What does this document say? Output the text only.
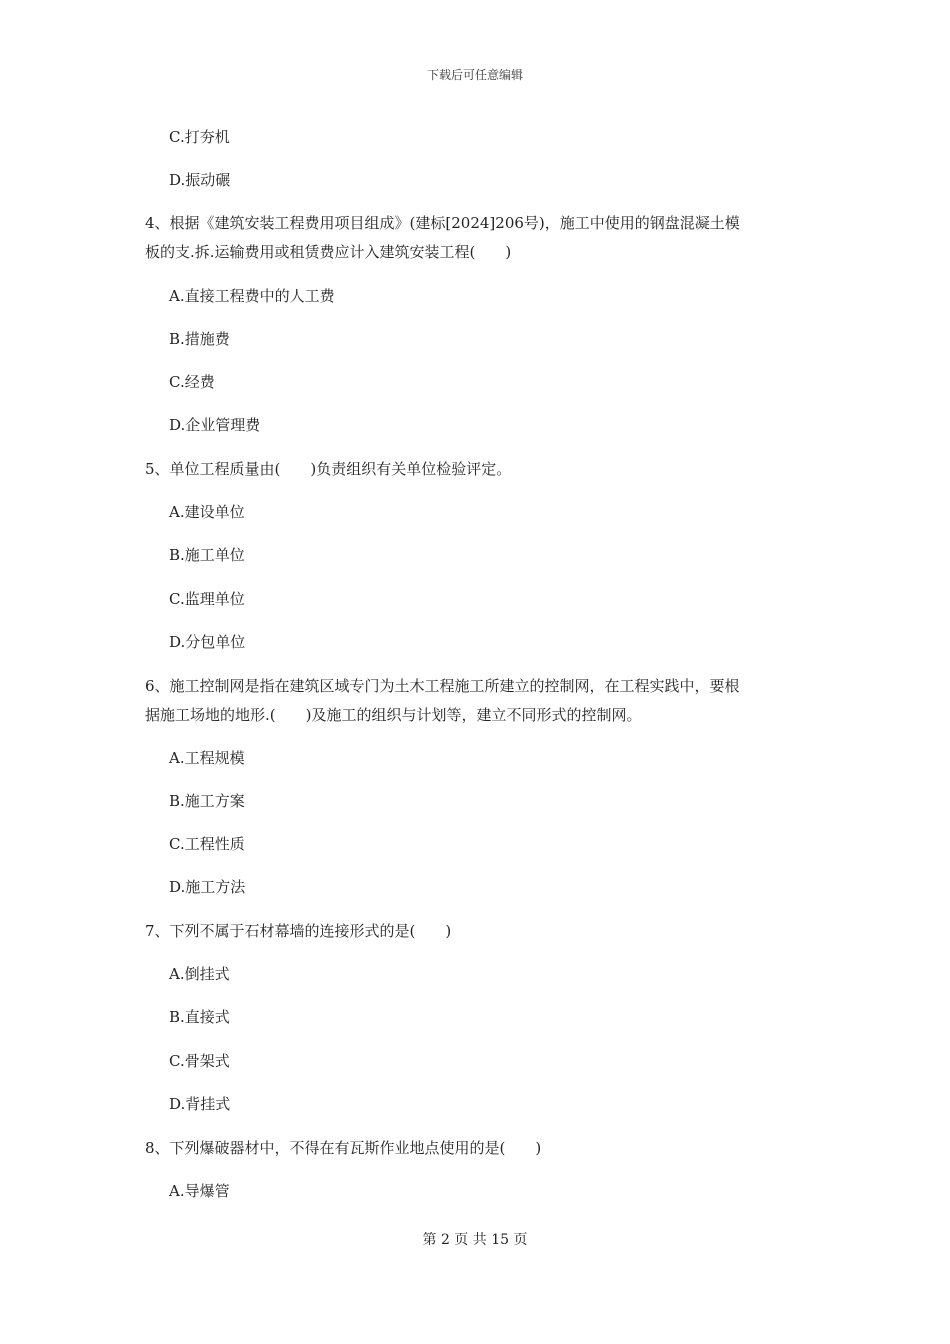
下载后可任意编辑
C.打夯机
D.振动碾
4、根据《建筑安装工程费用项目组成》(建标[2024]206号)，施工中使用的钢盘混凝土模
板的支.拆.运输费用或租赁费应计入建筑安装工程(　　)
A.直接工程费中的人工费
B.措施费
C.经费
D.企业管理费
5、单位工程质量由(　　)负责组织有关单位检验评定。
A.建设单位
B.施工单位
C.监理单位
D.分包单位
6、施工控制网是指在建筑区域专门为土木工程施工所建立的控制网，在工程实践中，要根
据施工场地的地形.(　　)及施工的组织与计划等，建立不同形式的控制网。
A.工程规模
B.施工方案
C.工程性质
D.施工方法
7、下列不属于石材幕墙的连接形式的是(　　)
A.倒挂式
B.直接式
C.骨架式
D.背挂式
8、下列爆破器材中，不得在有瓦斯作业地点使用的是(　　)
A.导爆管
第 2 页 共 15 页
